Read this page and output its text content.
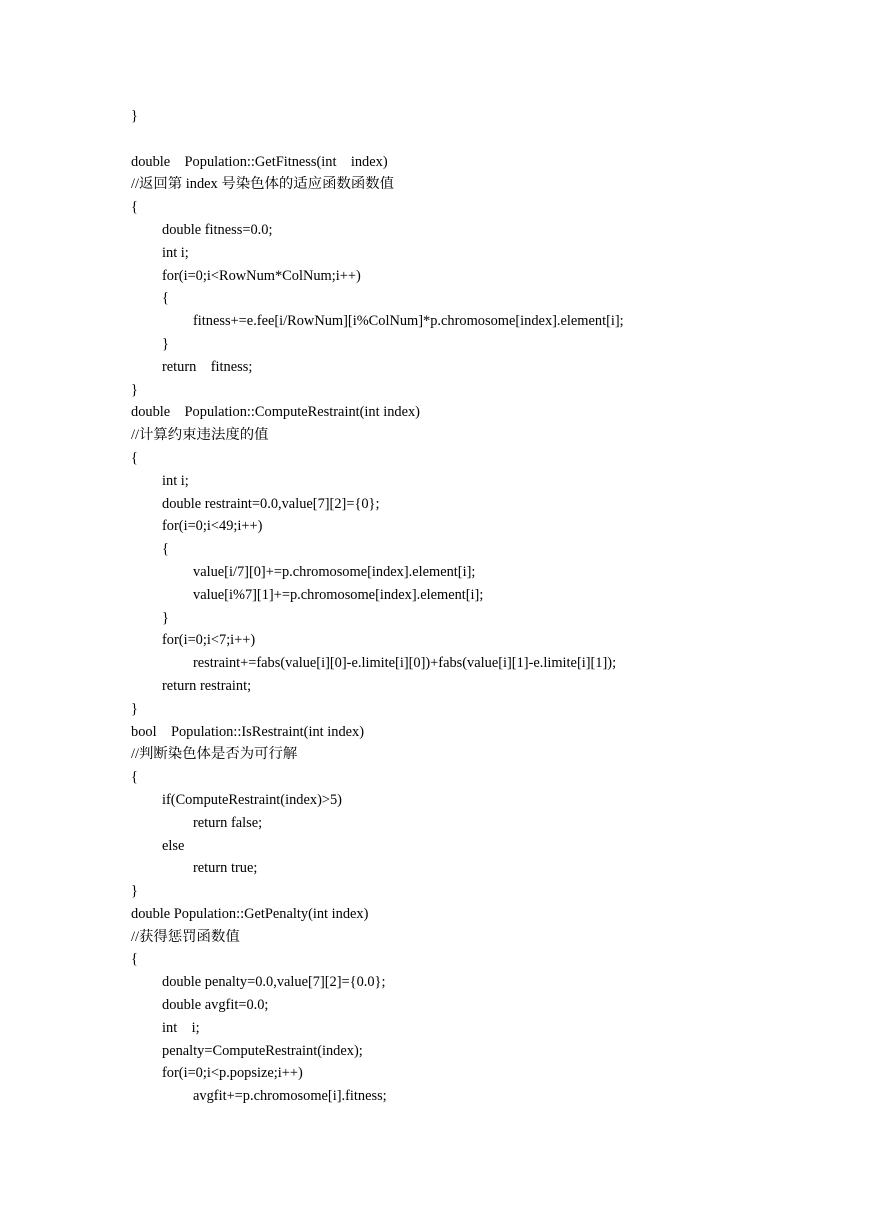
}
double    Population::GetFitness(int    index)
//返回第 index 号染色体的适应函数函数值
{
double fitness=0.0;
int i;
for(i=0;i<RowNum*ColNum;i++)
{
fitness+=e.fee[i/RowNum][i%ColNum]*p.chromosome[index].element[i];
}
return    fitness;
}
double    Population::ComputeRestraint(int index)
//计算约束违法度的值
{
int i;
double restraint=0.0,value[7][2]={0};
for(i=0;i<49;i++)
{
value[i/7][0]+=p.chromosome[index].element[i];
value[i%7][1]+=p.chromosome[index].element[i];
}
for(i=0;i<7;i++)
restraint+=fabs(value[i][0]-e.limite[i][0])+fabs(value[i][1]-e.limite[i][1]);
return restraint;
}
bool    Population::IsRestraint(int index)
//判断染色体是否为可行解
{
if(ComputeRestraint(index)>5)
return false;
else
return true;
}
double Population::GetPenalty(int index)
//获得惩罚函数值
{
double penalty=0.0,value[7][2]={0.0};
double avgfit=0.0;
int    i;
penalty=ComputeRestraint(index);
for(i=0;i<p.popsize;i++)
avgfit+=p.chromosome[i].fitness;
